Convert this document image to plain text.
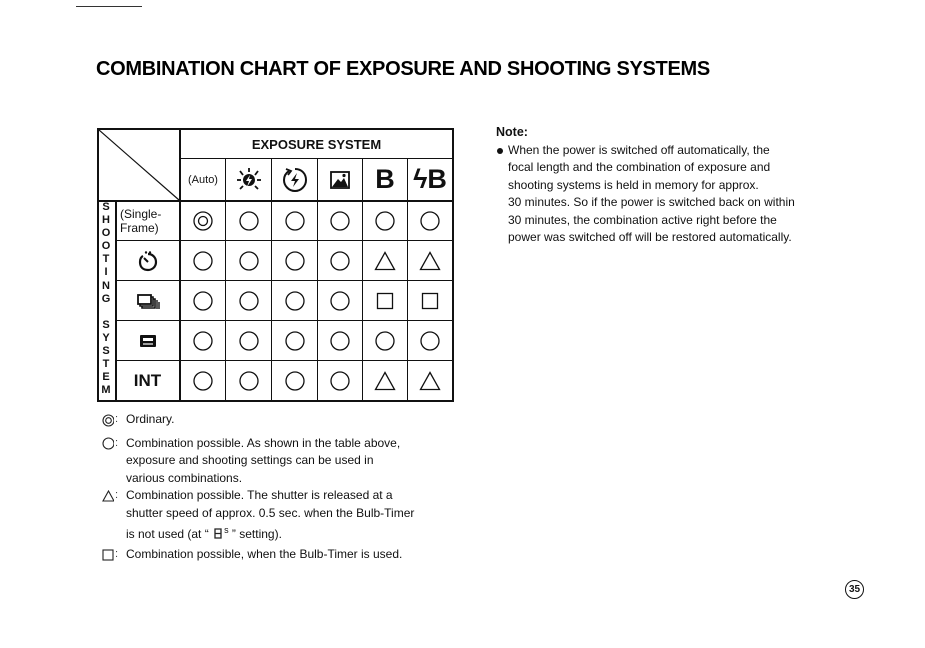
COMBINATION CHART OF EXPOSURE AND SHOOTING SYSTEMS
EXPOSURE SYSTEM
S
H
O
O
T
I
N
G
S
Y
S
T
E
M
(Auto)	B ϟB
(Single-
Frame)
INT
: Ordinary.
: Combination possible. As shown in the table above,
exposure and shooting settings can be used in
various combinations.
: Combination possible. The shutter is released at a
shutter speed of approx. 0.5 sec. when the Bulb-Timer
is not used (at “ $^s$ ” setting).
: Combination possible, when the Bulb-Timer is used.
Note:
When the power is switched off automatically, the
focal length and the combination of exposure and
shooting systems is held in memory for approx.
30 minutes. So if the power is switched back on within
30 minutes, the combination active right before the
power was switched off will be restored automatically.
35
